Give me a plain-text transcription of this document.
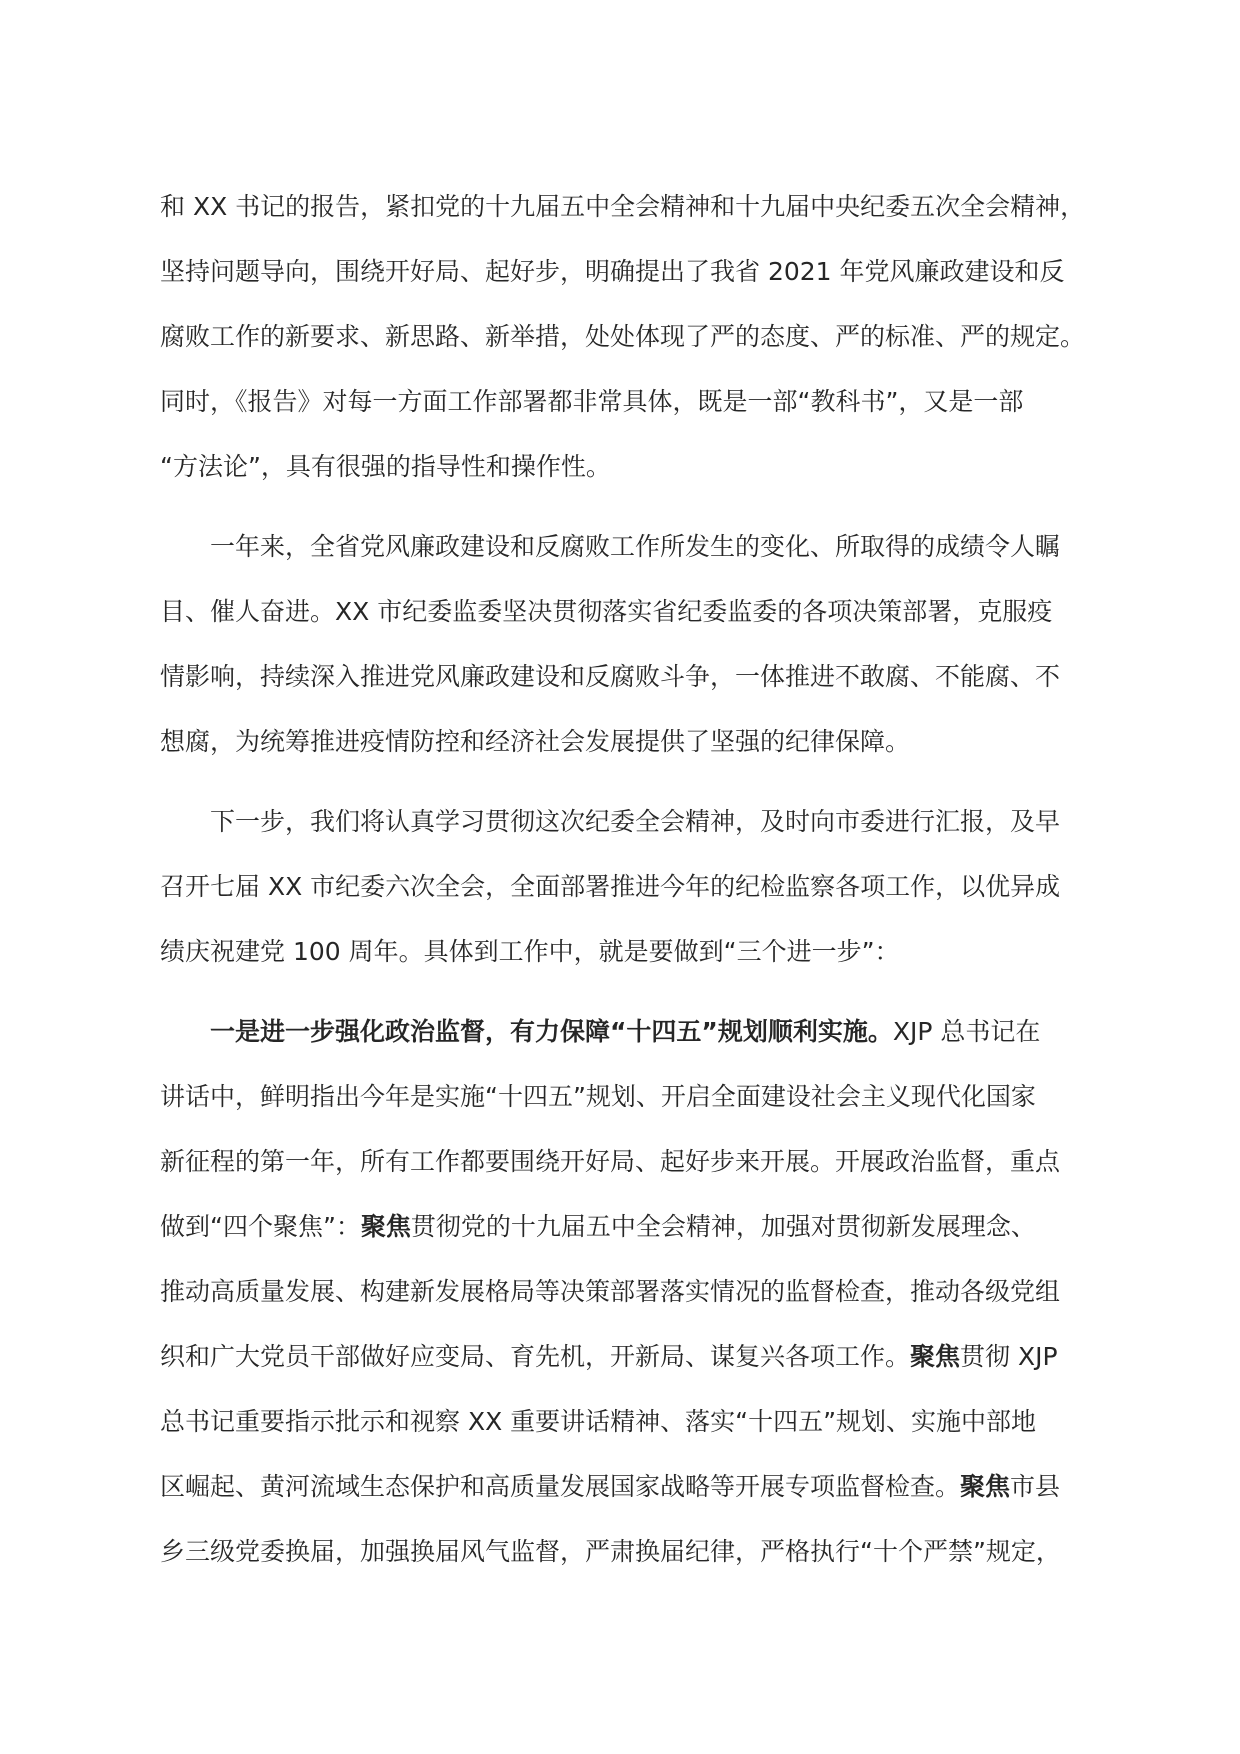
和 XX 书记的报告，紧扣党的十九届五中全会精神和十九届中央纪委五次全会精神，
坚持问题导向，围绕开好局、起好步，明确提出了我省 2021 年党风廉政建设和反
腐败工作的新要求、新思路、新举措，处处体现了严的态度、严的标准、严的规定。
同时，《报告》对每一方面工作部署都非常具体，既是一部“教科书”，又是一部
“方法论”，具有很强的指导性和操作性。
一年来，全省党风廉政建设和反腐败工作所发生的变化、所取得的成绩令人瞩
目、催人奋进。XX 市纪委监委坚决贯彻落实省纪委监委的各项决策部署，克服疫
情影响，持续深入推进党风廉政建设和反腐败斗争，一体推进不敢腐、不能腐、不
想腐，为统筹推进疫情防控和经济社会发展提供了坚强的纪律保障。
下一步，我们将认真学习贯彻这次纪委全会精神，及时向市委进行汇报，及早
召开七届 XX 市纪委六次全会，全面部署推进今年的纪检监察各项工作，以优异成
绩庆祝建党 100 周年。具体到工作中，就是要做到“三个进一步”：
一是进一步强化政治监督，有力保障“十四五”规划顺利实施。XJP 总书记在
讲话中，鲜明指出今年是实施“十四五”规划、开启全面建设社会主义现代化国家
新征程的第一年，所有工作都要围绕开好局、起好步来开展。开展政治监督，重点
做到“四个聚焦”：聚焦贯彻党的十九届五中全会精神，加强对贯彻新发展理念、
推动高质量发展、构建新发展格局等决策部署落实情况的监督检查，推动各级党组
织和广大党员干部做好应变局、育先机，开新局、谋复兴各项工作。聚焦贯彻 XJP
总书记重要指示批示和视察 XX 重要讲话精神、落实“十四五”规划、实施中部地
区崛起、黄河流域生态保护和高质量发展国家战略等开展专项监督检查。聚焦市县
乡三级党委换届，加强换届风气监督，严肃换届纪律，严格执行“十个严禁”规定，
